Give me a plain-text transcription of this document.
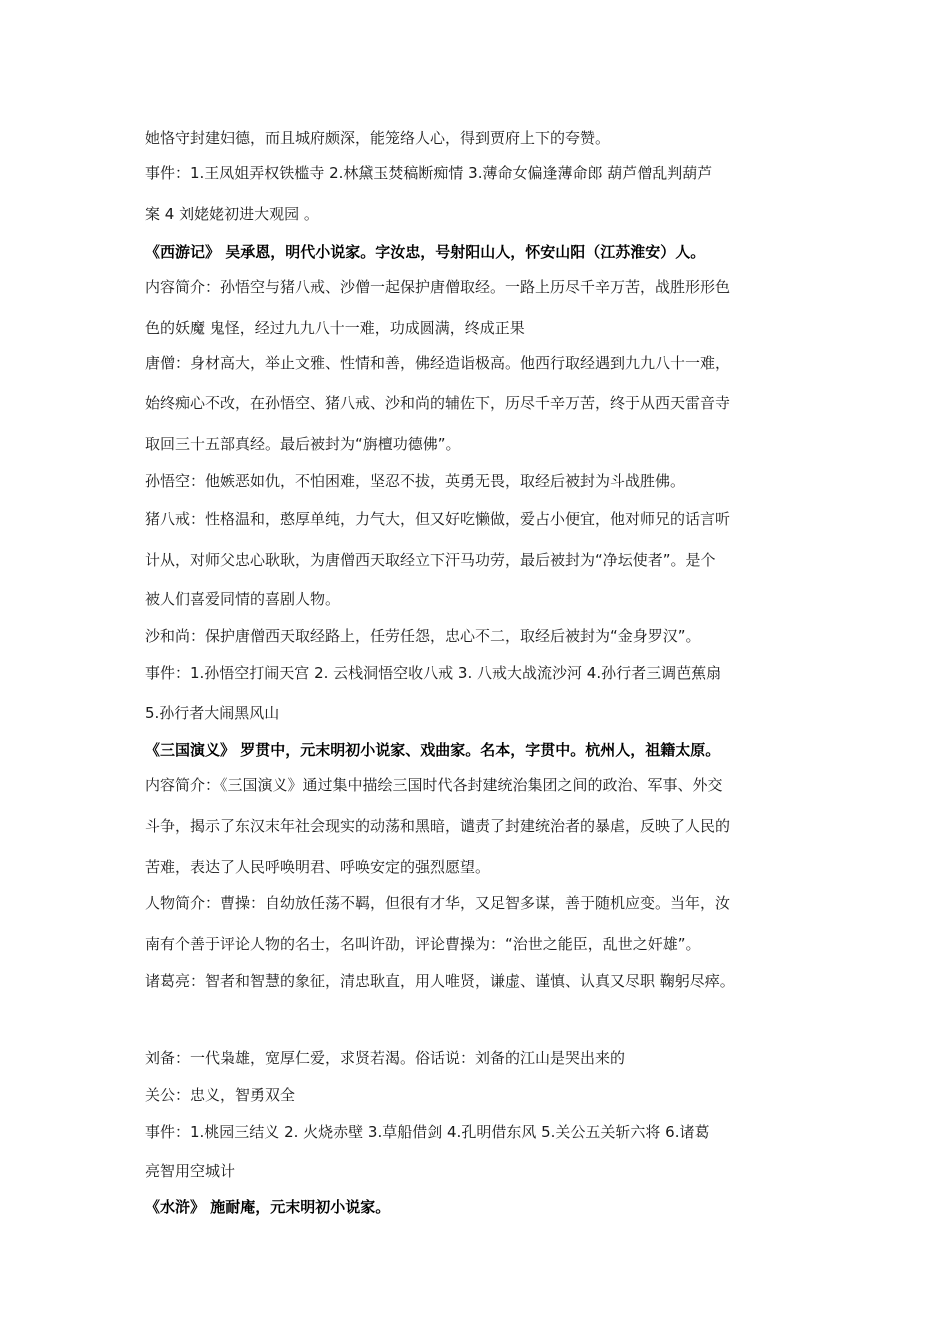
她恪守封建妇德，而且城府颇深，能笼络人心，得到贾府上下的夸赞。
事件：1.王凤姐弄权铁槛寺 2.林黛玉焚稿断痴情 3.薄命女偏逢薄命郎 葫芦僧乱判葫芦
案 4 刘姥姥初进大观园 。
《西游记》 吴承恩，明代小说家。字汝忠，号射阳山人，怀安山阳（江苏淮安）人。
内容简介：孙悟空与猪八戒、沙僧一起保护唐僧取经。一路上历尽千辛万苦，战胜形形色
色的妖魔 鬼怪，经过九九八十一难，功成圆满，终成正果
唐僧：身材高大，举止文雅、性情和善，佛经造诣极高。他西行取经遇到九九八十一难，
始终痴心不改，在孙悟空、猪八戒、沙和尚的辅佐下，历尽千辛万苦，终于从西天雷音寺
取回三十五部真经。最后被封为“旃檀功德佛”。
孙悟空：他嫉恶如仇，不怕困难，坚忍不拔，英勇无畏，取经后被封为斗战胜佛。
猪八戒：性格温和，憨厚单纯，力气大，但又好吃懒做，爱占小便宜，他对师兄的话言听
计从，对师父忠心耿耿，为唐僧西天取经立下汗马功劳，最后被封为“净坛使者”。是个
被人们喜爱同情的喜剧人物。
沙和尚：保护唐僧西天取经路上，任劳任怨，忠心不二，取经后被封为“金身罗汉”。
事件：1.孙悟空打闹天宫 2. 云栈洞悟空收八戒 3. 八戒大战流沙河 4.孙行者三调芭蕉扇
5.孙行者大闹黑风山
《三国演义》 罗贯中，元末明初小说家、戏曲家。名本，字贯中。杭州人，祖籍太原。
内容简介：《三国演义》通过集中描绘三国时代各封建统治集团之间的政治、军事、外交
斗争，揭示了东汉末年社会现实的动荡和黑暗，谴责了封建统治者的暴虐，反映了人民的
苦难，表达了人民呼唤明君、呼唤安定的强烈愿望。
人物简介：曹操：自幼放任荡不羁，但很有才华，又足智多谋，善于随机应变。当年，汝
南有个善于评论人物的名士，名叫许劭，评论曹操为：“治世之能臣，乱世之奸雄”。
诸葛亮：智者和智慧的象征，清忠耿直，用人唯贤，谦虚、谨慎、认真又尽职 鞠躬尽瘁。
刘备：一代枭雄，宽厚仁爱，求贤若渴。俗话说：刘备的江山是哭出来的
关公：忠义，智勇双全
事件：1.桃园三结义 2. 火烧赤壁 3.草船借剑 4.孔明借东风 5.关公五关斩六将 6.诸葛
亮智用空城计
《水浒》 施耐庵，元末明初小说家。
